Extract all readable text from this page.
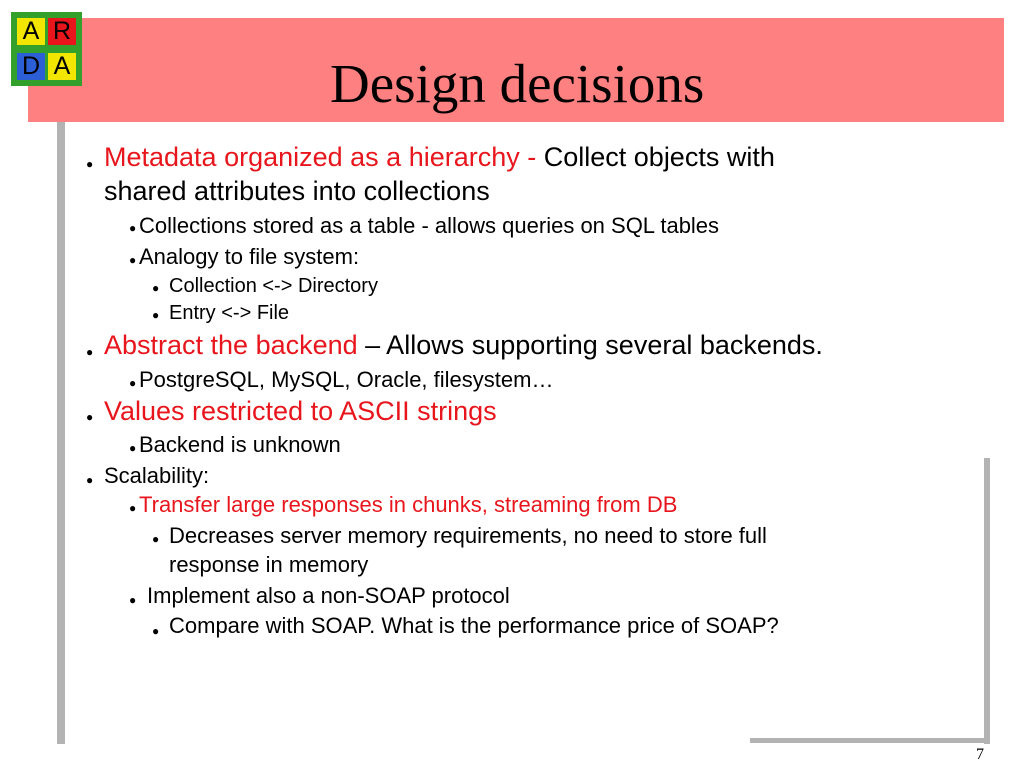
A R
D A	Design decisions
● Metadata organized as a hierarchy - Collect objects with
shared attributes into collections
● Collections stored as a table - allows queries on SQL tables
● Analogy to file system:
● Collection <-> Directory
● Entry <-> File
● Abstract the backend – Allows supporting several backends.
● PostgreSQL, MySQL, Oracle, filesystem…
● Values restricted to ASCII strings
● Backend is unknown
● Scalability:
● Transfer large responses in chunks, streaming from DB
● Decreases server memory requirements, no need to store full
response in memory
● Implement also a non-SOAP protocol
● Compare with SOAP. What is the performance price of SOAP?
7
